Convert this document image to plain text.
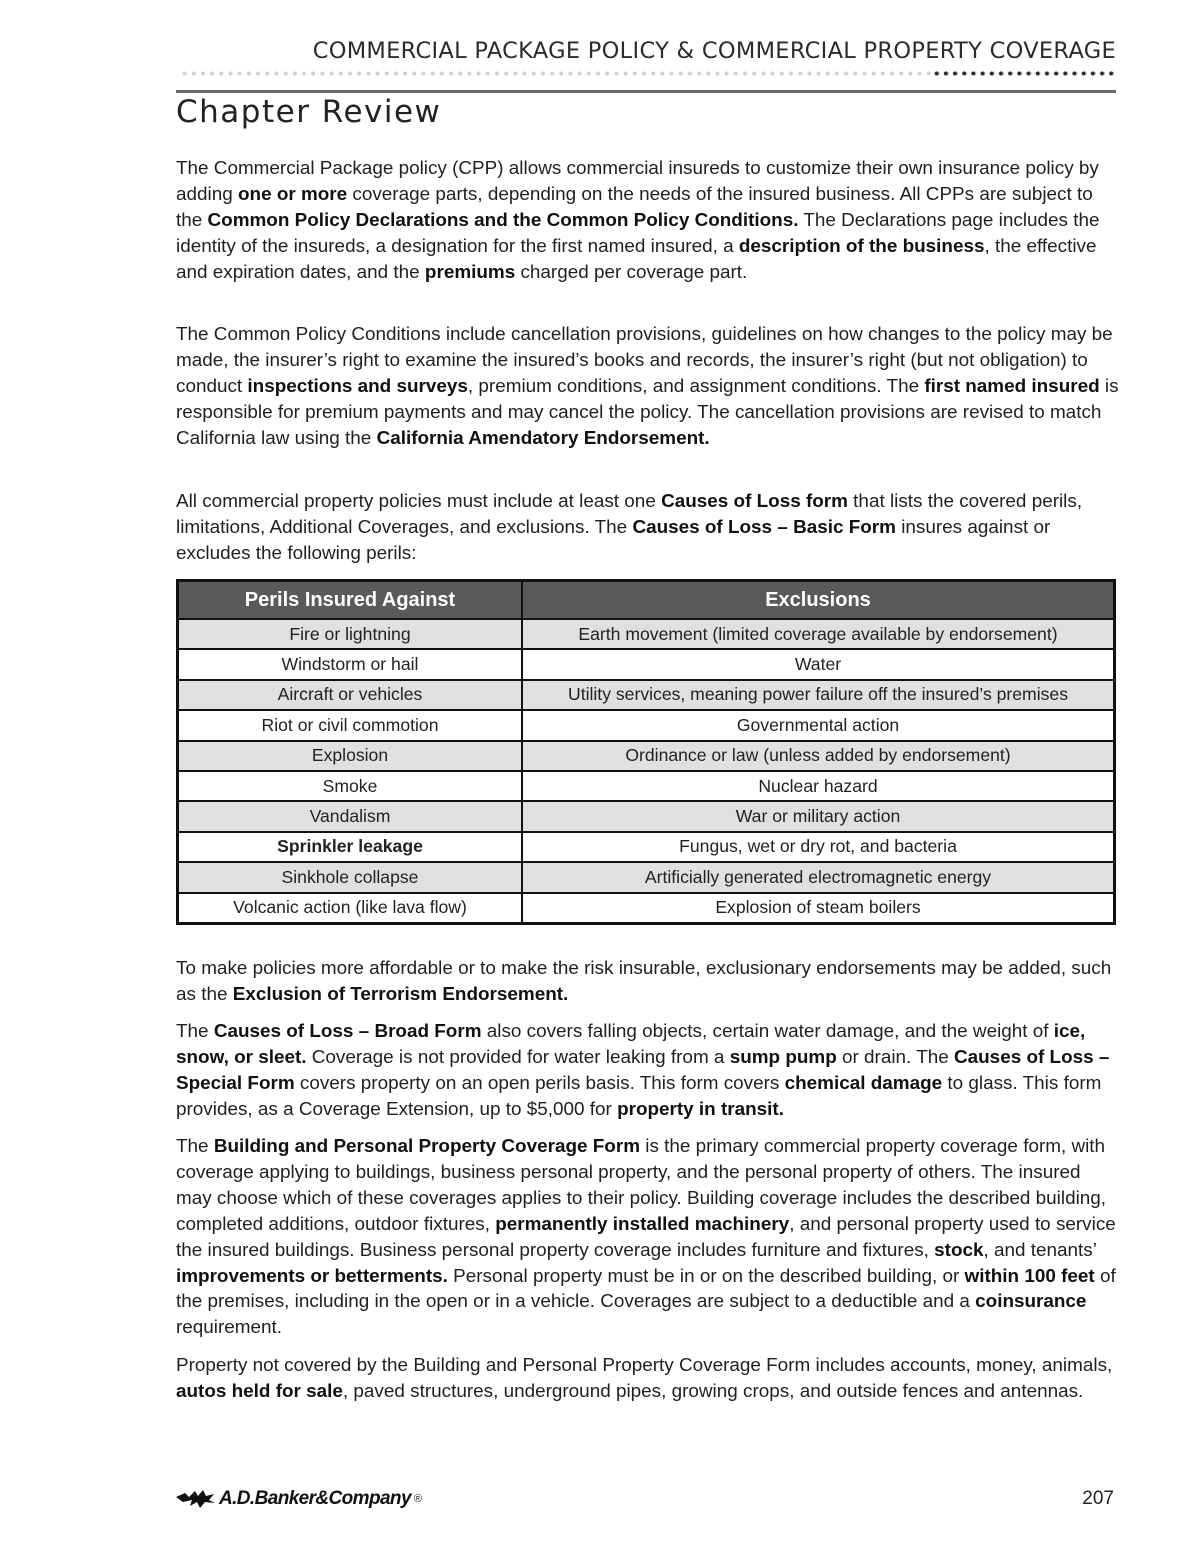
COMMERCIAL PACKAGE POLICY & COMMERCIAL PROPERTY COVERAGE
Chapter Review

The Commercial Package policy (CPP) allows commercial insureds to customize their own insurance policy by adding one or more coverage parts, depending on the needs of the insured business. All CPPs are subject to the Common Policy Declarations and the Common Policy Conditions. The Declarations page includes the identity of the insureds, a designation for the first named insured, a description of the business, the effective and expiration dates, and the premiums charged per coverage part.

The Common Policy Conditions include cancellation provisions, guidelines on how changes to the policy may be made, the insurer’s right to examine the insured’s books and records, the insurer’s right (but not obligation) to conduct inspections and surveys, premium conditions, and assignment conditions. The first named insured is responsible for premium payments and may cancel the policy. The cancellation provisions are revised to match California law using the California Amendatory Endorsement.

All commercial property policies must include at least one Causes of Loss form that lists the covered perils, limitations, Additional Coverages, and exclusions. The Causes of Loss – Basic Form insures against or excludes the following perils:

Perils Insured Against	Exclusions
Fire or lightning	Earth movement (limited coverage available by endorsement)
Windstorm or hail	Water
Aircraft or vehicles	Utility services, meaning power failure off the insured’s premises
Riot or civil commotion	Governmental action
Explosion	Ordinance or law (unless added by endorsement)
Smoke	Nuclear hazard
Vandalism	War or military action
Sprinkler leakage	Fungus, wet or dry rot, and bacteria
Sinkhole collapse	Artificially generated electromagnetic energy
Volcanic action (like lava flow)	Explosion of steam boilers

To make policies more affordable or to make the risk insurable, exclusionary endorsements may be added, such as the Exclusion of Terrorism Endorsement.

The Causes of Loss – Broad Form also covers falling objects, certain water damage, and the weight of ice, snow, or sleet. Coverage is not provided for water leaking from a sump pump or drain. The Causes of Loss – Special Form covers property on an open perils basis. This form covers chemical damage to glass. This form provides, as a Coverage Extension, up to $5,000 for property in transit.

The Building and Personal Property Coverage Form is the primary commercial property coverage form, with coverage applying to buildings, business personal property, and the personal property of others. The insured may choose which of these coverages applies to their policy. Building coverage includes the described building, completed additions, outdoor fixtures, permanently installed machinery, and personal property used to service the insured buildings. Business personal property coverage includes furniture and fixtures, stock, and tenants’ improvements or betterments. Personal property must be in or on the described building, or within 100 feet of the premises, including in the open or in a vehicle. Coverages are subject to a deductible and a coinsurance requirement.

Property not covered by the Building and Personal Property Coverage Form includes accounts, money, animals, autos held for sale, paved structures, underground pipes, growing crops, and outside fences and antennas.

A.D.Banker&Company ®	207
